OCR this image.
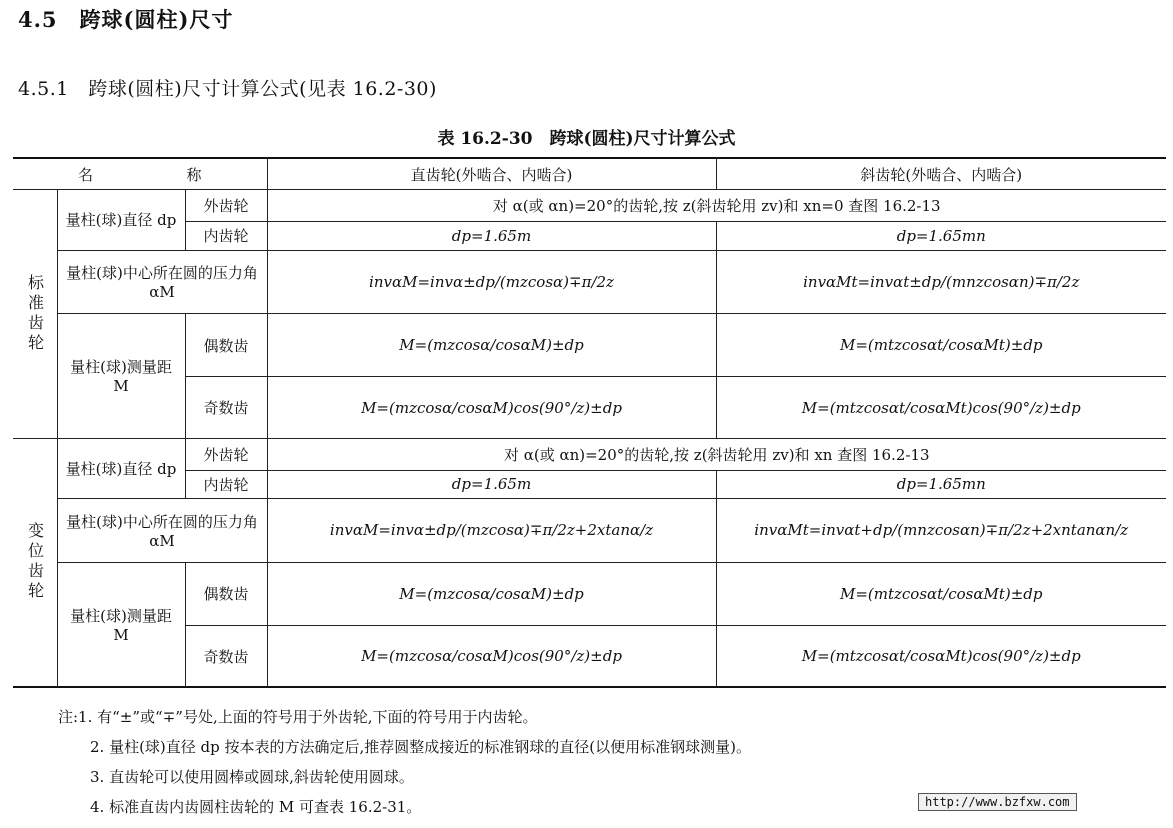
4.5　跨球(圆柱)尺寸
4.5.1　跨球(圆柱)尺寸计算公式(见表 16.2-30)
表 16.2-30　跨球(圆柱)尺寸计算公式
名 称			直齿轮(外啮合、内啮合)	斜齿轮(外啮合、内啮合)
标准齿轮	量柱(球)直径 dp	外齿轮	对 α(或 αn)=20°的齿轮,按 z(斜齿轮用 zv)和 xn=0 查图 16.2-13	
		内齿轮	dp=1.65m	dp=1.65mn
	量柱(球)中心所在圆的压力角 αM		invαM=invα±dp/(mzcosα)∓π/2z	invαMt=invαt±dp/(mnzcosαn)∓π/2z
	量柱(球)测量距 M	偶数齿	M=(mzcosα/cosαM)±dp	M=(mtzcosαt/cosαMt)±dp
		奇数齿	M=(mzcosα/cosαM)cos(90°/z)±dp	M=(mtzcosαt/cosαMt)cos(90°/z)±dp
变位齿轮	量柱(球)直径 dp	外齿轮	对 α(或 αn)=20°的齿轮,按 z(斜齿轮用 zv)和 xn 查图 16.2-13	
		内齿轮	dp=1.65m	dp=1.65mn
	量柱(球)中心所在圆的压力角 αM		invαM=invα±dp/(mzcosα)∓π/2z+2xtanα/z	invαMt=invαt+dp/(mnzcosαn)∓π/2z+2xntanαn/z
	量柱(球)测量距 M	偶数齿	M=(mzcosα/cosαM)±dp	M=(mtzcosαt/cosαMt)±dp
		奇数齿	M=(mzcosα/cosαM)cos(90°/z)±dp	M=(mtzcosαt/cosαMt)cos(90°/z)±dp
注:1. 有“±”或“∓”号处,上面的符号用于外齿轮,下面的符号用于内齿轮。
2. 量柱(球)直径 dp 按本表的方法确定后,推荐圆整成接近的标准钢球的直径(以便用标准钢球测量)。
3. 直齿轮可以使用圆棒或圆球,斜齿轮使用圆球。
4. 标准直齿内齿圆柱齿轮的 M 可查表 16.2-31。	http://www.bzfxw.com
